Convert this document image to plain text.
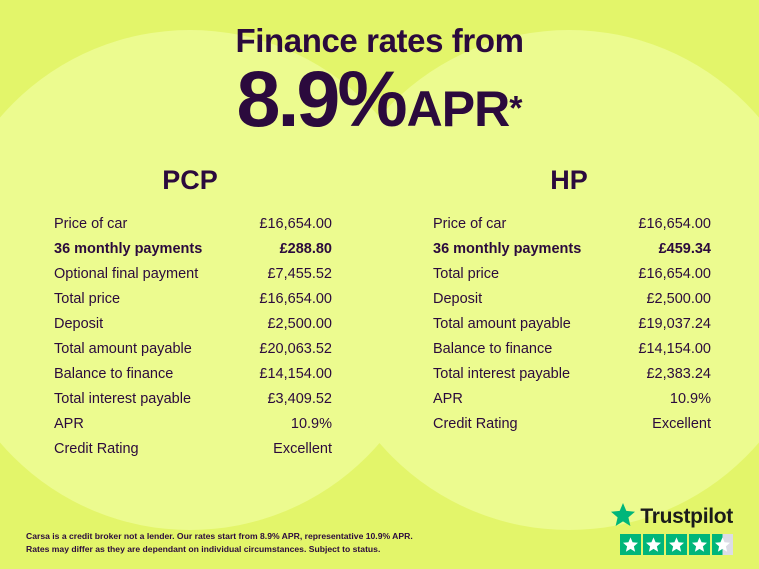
Finance rates from
8.9%APR*
PCP
Price of car	£16,654.00
36 monthly payments	£288.80
Optional final payment	£7,455.52
Total price	£16,654.00
Deposit	£2,500.00
Total amount payable	£20,063.52
Balance to finance	£14,154.00
Total interest payable	£3,409.52
APR	10.9%
Credit Rating	Excellent
HP
Price of car	£16,654.00
36 monthly payments	£459.34
Total price	£16,654.00
Deposit	£2,500.00
Total amount payable	£19,037.24
Balance to finance	£14,154.00
Total interest payable	£2,383.24
APR	10.9%
Credit Rating	Excellent
Carsa is a credit broker not a lender. Our rates start from 8.9% APR, representative 10.9% APR.
Rates may differ as they are dependant on individual circumstances. Subject to status.
Trustpilot
